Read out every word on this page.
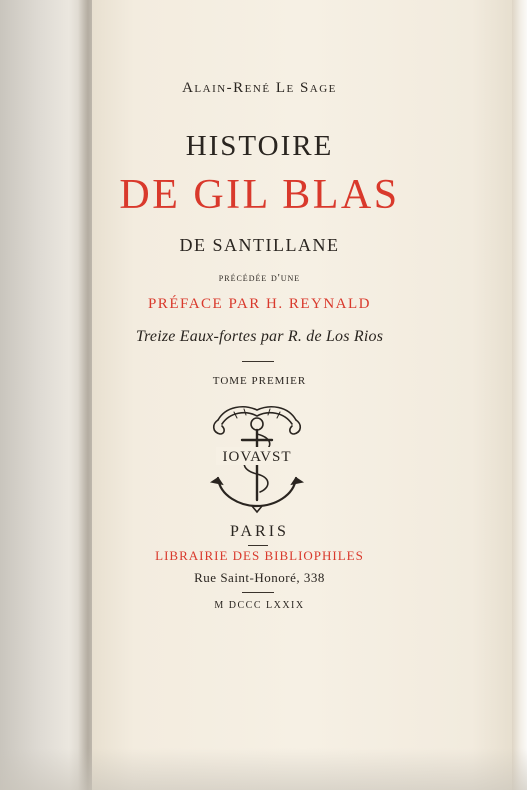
Alain-René Le Sage
HISTOIRE
DE GIL BLAS
DE SANTILLANE
précédée d'une
PRÉFACE PAR H. REYNALD
Treize Eaux-fortes par R. de Los Rios
TOME PREMIER
IOVAVST
PARIS
LIBRAIRIE DES BIBLIOPHILES
Rue Saint-Honoré, 338
M DCCC LXXIX
